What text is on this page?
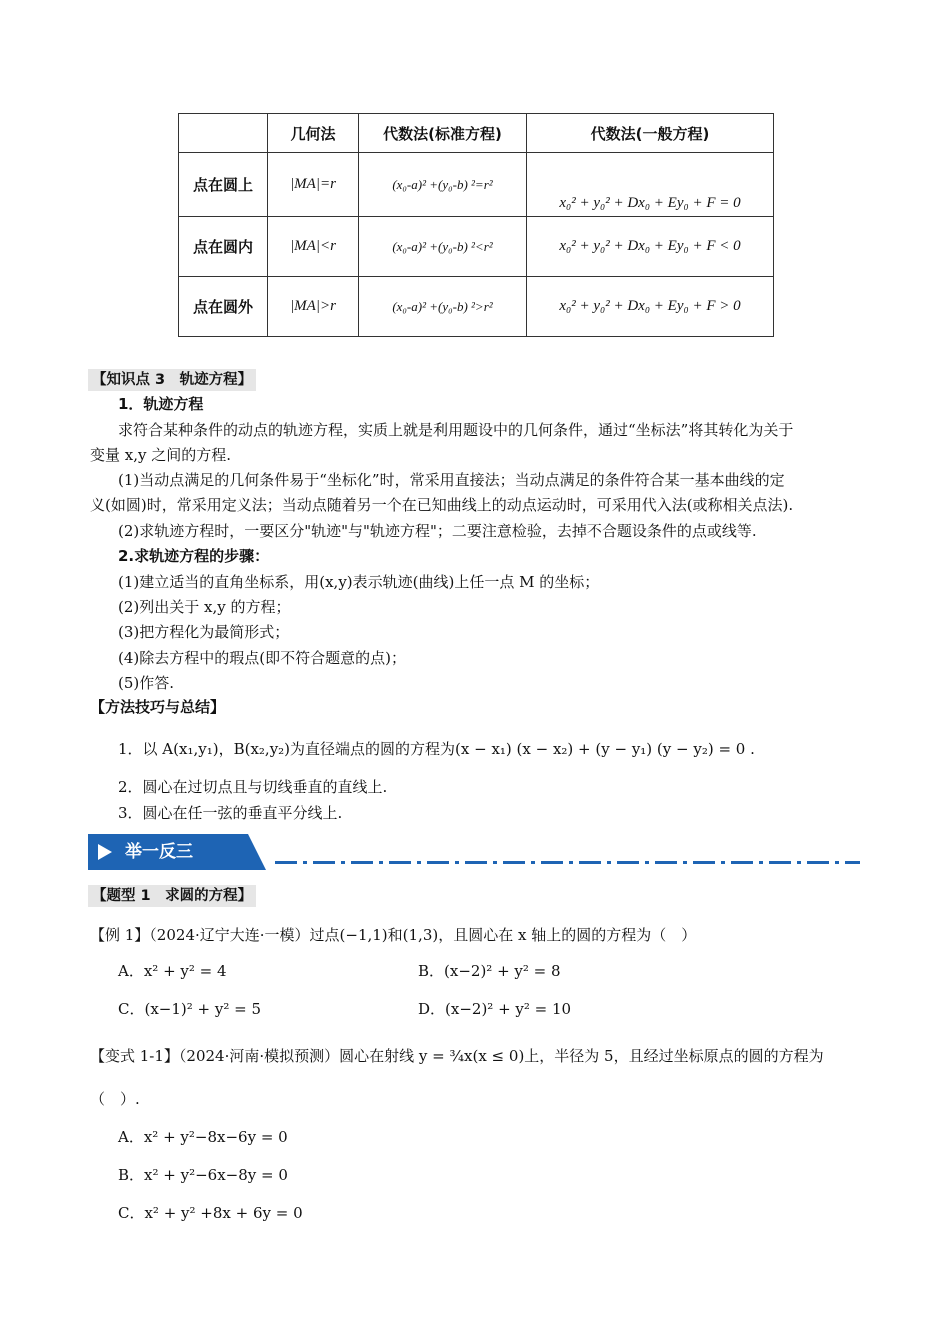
	几何法	代数法(标准方程)	代数法(一般方程)
点在圆上	|MA|=r	(x₀-a)² +(y₀-b) ²=r²	x₀² + y₀² + Dx₀ + Ey₀ + F = 0
点在圆内	|MA|<r	(x₀-a)² +(y₀-b) ²<r²	x₀² + y₀² + Dx₀ + Ey₀ + F < 0
点在圆外	|MA|>r	(x₀-a)² +(y₀-b) ²>r²	x₀² + y₀² + Dx₀ + Ey₀ + F > 0
【知识点 3　轨迹方程】
1．轨迹方程
求符合某种条件的动点的轨迹方程，实质上就是利用题设中的几何条件，通过“坐标法”将其转化为关于
变量 x,y 之间的方程.
(1)当动点满足的几何条件易于“坐标化”时，常采用直接法；当动点满足的条件符合某一基本曲线的定
义(如圆)时，常采用定义法；当动点随着另一个在已知曲线上的动点运动时，可采用代入法(或称相关点法).
(2)求轨迹方程时，一要区分"轨迹"与"轨迹方程"；二要注意检验，去掉不合题设条件的点或线等.
2.求轨迹方程的步骤：
(1)建立适当的直角坐标系，用(x,y)表示轨迹(曲线)上任一点 M 的坐标；
(2)列出关于 x,y 的方程；
(3)把方程化为最简形式；
(4)除去方程中的瑕点(即不符合题意的点)；
(5)作答.
【方法技巧与总结】
1．以 A(x₁,y₁)，B(x₂,y₂)为直径端点的圆的方程为(x − x₁) (x − x₂) + (y − y₁) (y − y₂) = 0 .
2．圆心在过切点且与切线垂直的直线上.
3．圆心在任一弦的垂直平分线上.
举一反三
【题型 1　求圆的方程】
【例 1】（2024·辽宁大连·一模）过点(−1,1)和(1,3)，且圆心在 x 轴上的圆的方程为（　）
A．x² + y² = 4	B．(x−2)² + y² = 8
C．(x−1)² + y² = 5	D．(x−2)² + y² = 10
【变式 1-1】（2024·河南·模拟预测）圆心在射线 y = ¾x(x ≤ 0)上，半径为 5，且经过坐标原点的圆的方程为
（　）.
A．x² + y²−8x−6y = 0
B．x² + y²−6x−8y = 0
C．x² + y² +8x + 6y = 0
